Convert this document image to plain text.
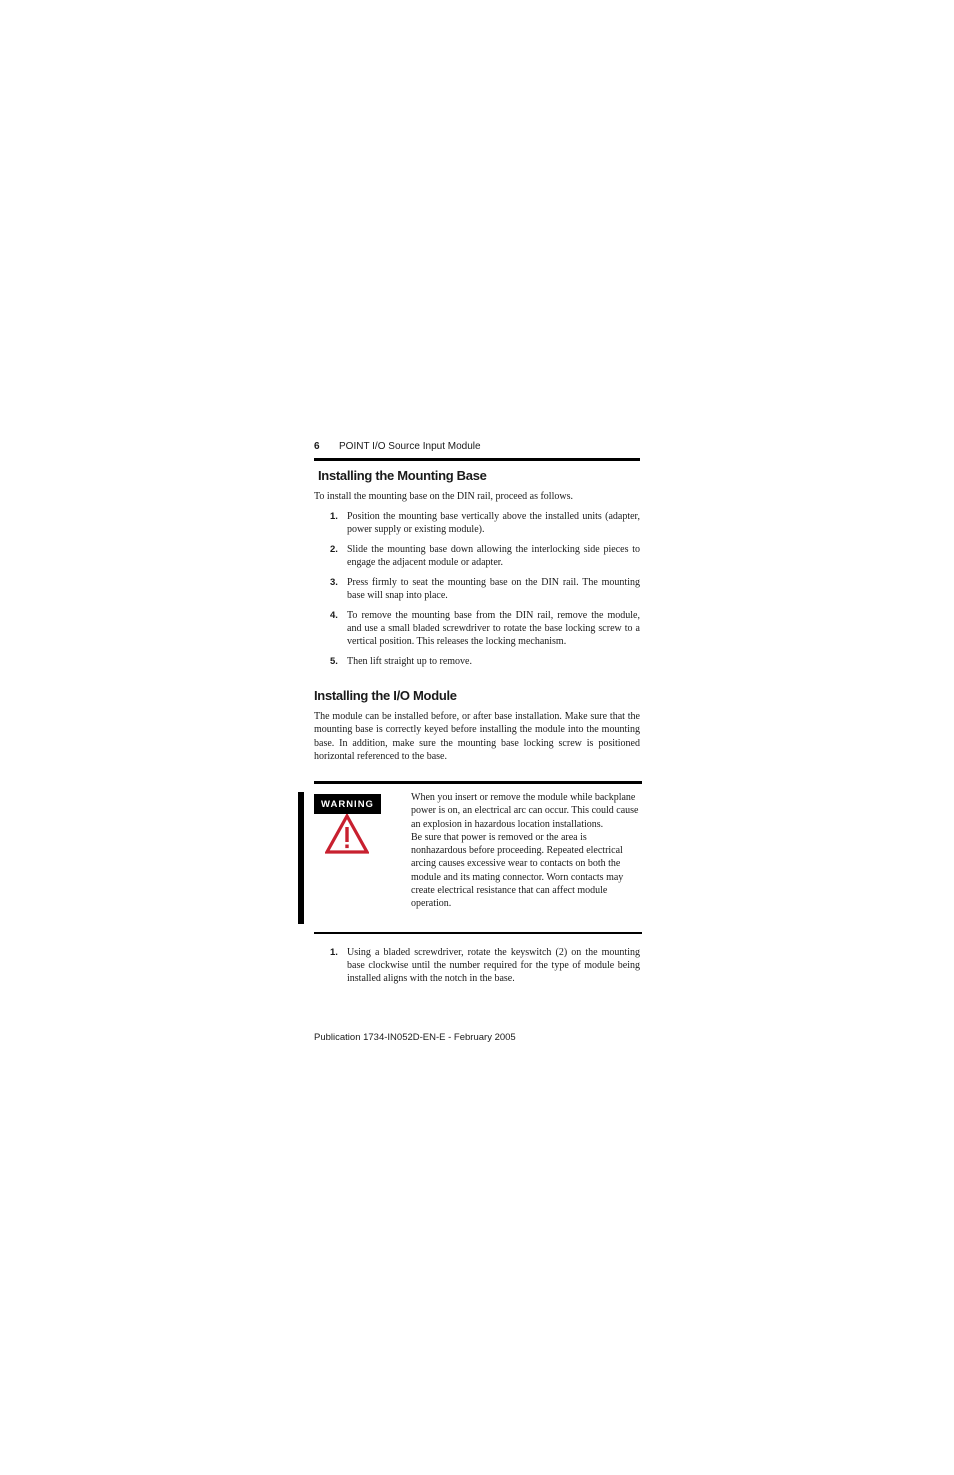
6	POINT I/O Source Input Module
Installing the Mounting Base
To install the mounting base on the DIN rail, proceed as follows.
1. Position the mounting base vertically above the installed units (adapter, power supply or existing module).
2. Slide the mounting base down allowing the interlocking side pieces to engage the adjacent module or adapter.
3. Press firmly to seat the mounting base on the DIN rail. The mounting base will snap into place.
4. To remove the mounting base from the DIN rail, remove the module, and use a small bladed screwdriver to rotate the base locking screw to a vertical position. This releases the locking mechanism.
5. Then lift straight up to remove.
Installing the I/O Module
The module can be installed before, or after base installation. Make sure that the mounting base is correctly keyed before installing the module into the mounting base. In addition, make sure the mounting base locking screw is positioned horizontal referenced to the base.
WARNING

When you insert or remove the module while backplane power is on, an electrical arc can occur. This could cause an explosion in hazardous location installations.

Be sure that power is removed or the area is nonhazardous before proceeding. Repeated electrical arcing causes excessive wear to contacts on both the module and its mating connector. Worn contacts may create electrical resistance that can affect module operation.

1. Using a bladed screwdriver, rotate the keyswitch (2) on the mounting base clockwise until the number required for the type of module being installed aligns with the notch in the base.
Publication 1734-IN052D-EN-E - February 2005
